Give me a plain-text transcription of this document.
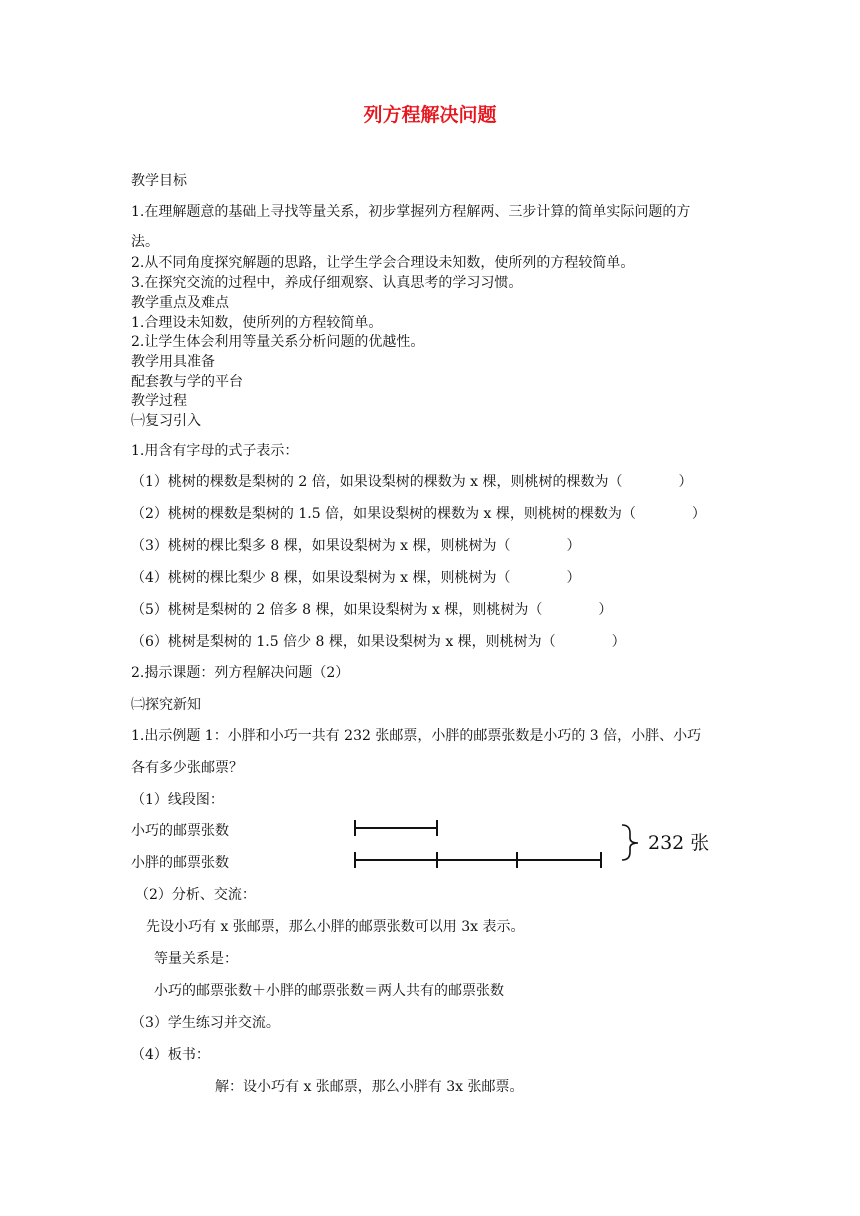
列方程解决问题
教学目标
1.在理解题意的基础上寻找等量关系，初步掌握列方程解两、三步计算的简单实际问题的方
法。
2.从不同角度探究解题的思路，让学生学会合理设未知数，使所列的方程较简单。
3.在探究交流的过程中，养成仔细观察、认真思考的学习习惯。
教学重点及难点
1.合理设未知数，使所列的方程较简单。
2.让学生体会利用等量关系分析问题的优越性。
教学用具准备
配套教与学的平台
教学过程
㈠复习引入
1.用含有字母的式子表示：
（1）桃树的棵数是梨树的 2 倍，如果设梨树的棵数为 x 棵，则桃树的棵数为（　　　　）
（2）桃树的棵数是梨树的 1.5 倍，如果设梨树的棵数为 x 棵，则桃树的棵数为（　　　　）
（3）桃树的棵比梨多 8 棵，如果设梨树为 x 棵，则桃树为（　　　　）
（4）桃树的棵比梨少 8 棵，如果设梨树为 x 棵，则桃树为（　　　　）
（5）桃树是梨树的 2 倍多 8 棵，如果设梨树为 x 棵，则桃树为（　　　　）
（6）桃树是梨树的 1.5 倍少 8 棵，如果设梨树为 x 棵，则桃树为（　　　　）
2.揭示课题：列方程解决问题（2）
㈡探究新知
1.出示例题 1：小胖和小巧一共有 232 张邮票，小胖的邮票张数是小巧的 3 倍，小胖、小巧
各有多少张邮票？
（1）线段图：
小巧的邮票张数
小胖的邮票张数
232 张
（2）分析、交流：
先设小巧有 x 张邮票，那么小胖的邮票张数可以用 3x 表示。
等量关系是：
小巧的邮票张数＋小胖的邮票张数＝两人共有的邮票张数
（3）学生练习并交流。
（4）板书：
解：设小巧有 x 张邮票，那么小胖有 3x 张邮票。
